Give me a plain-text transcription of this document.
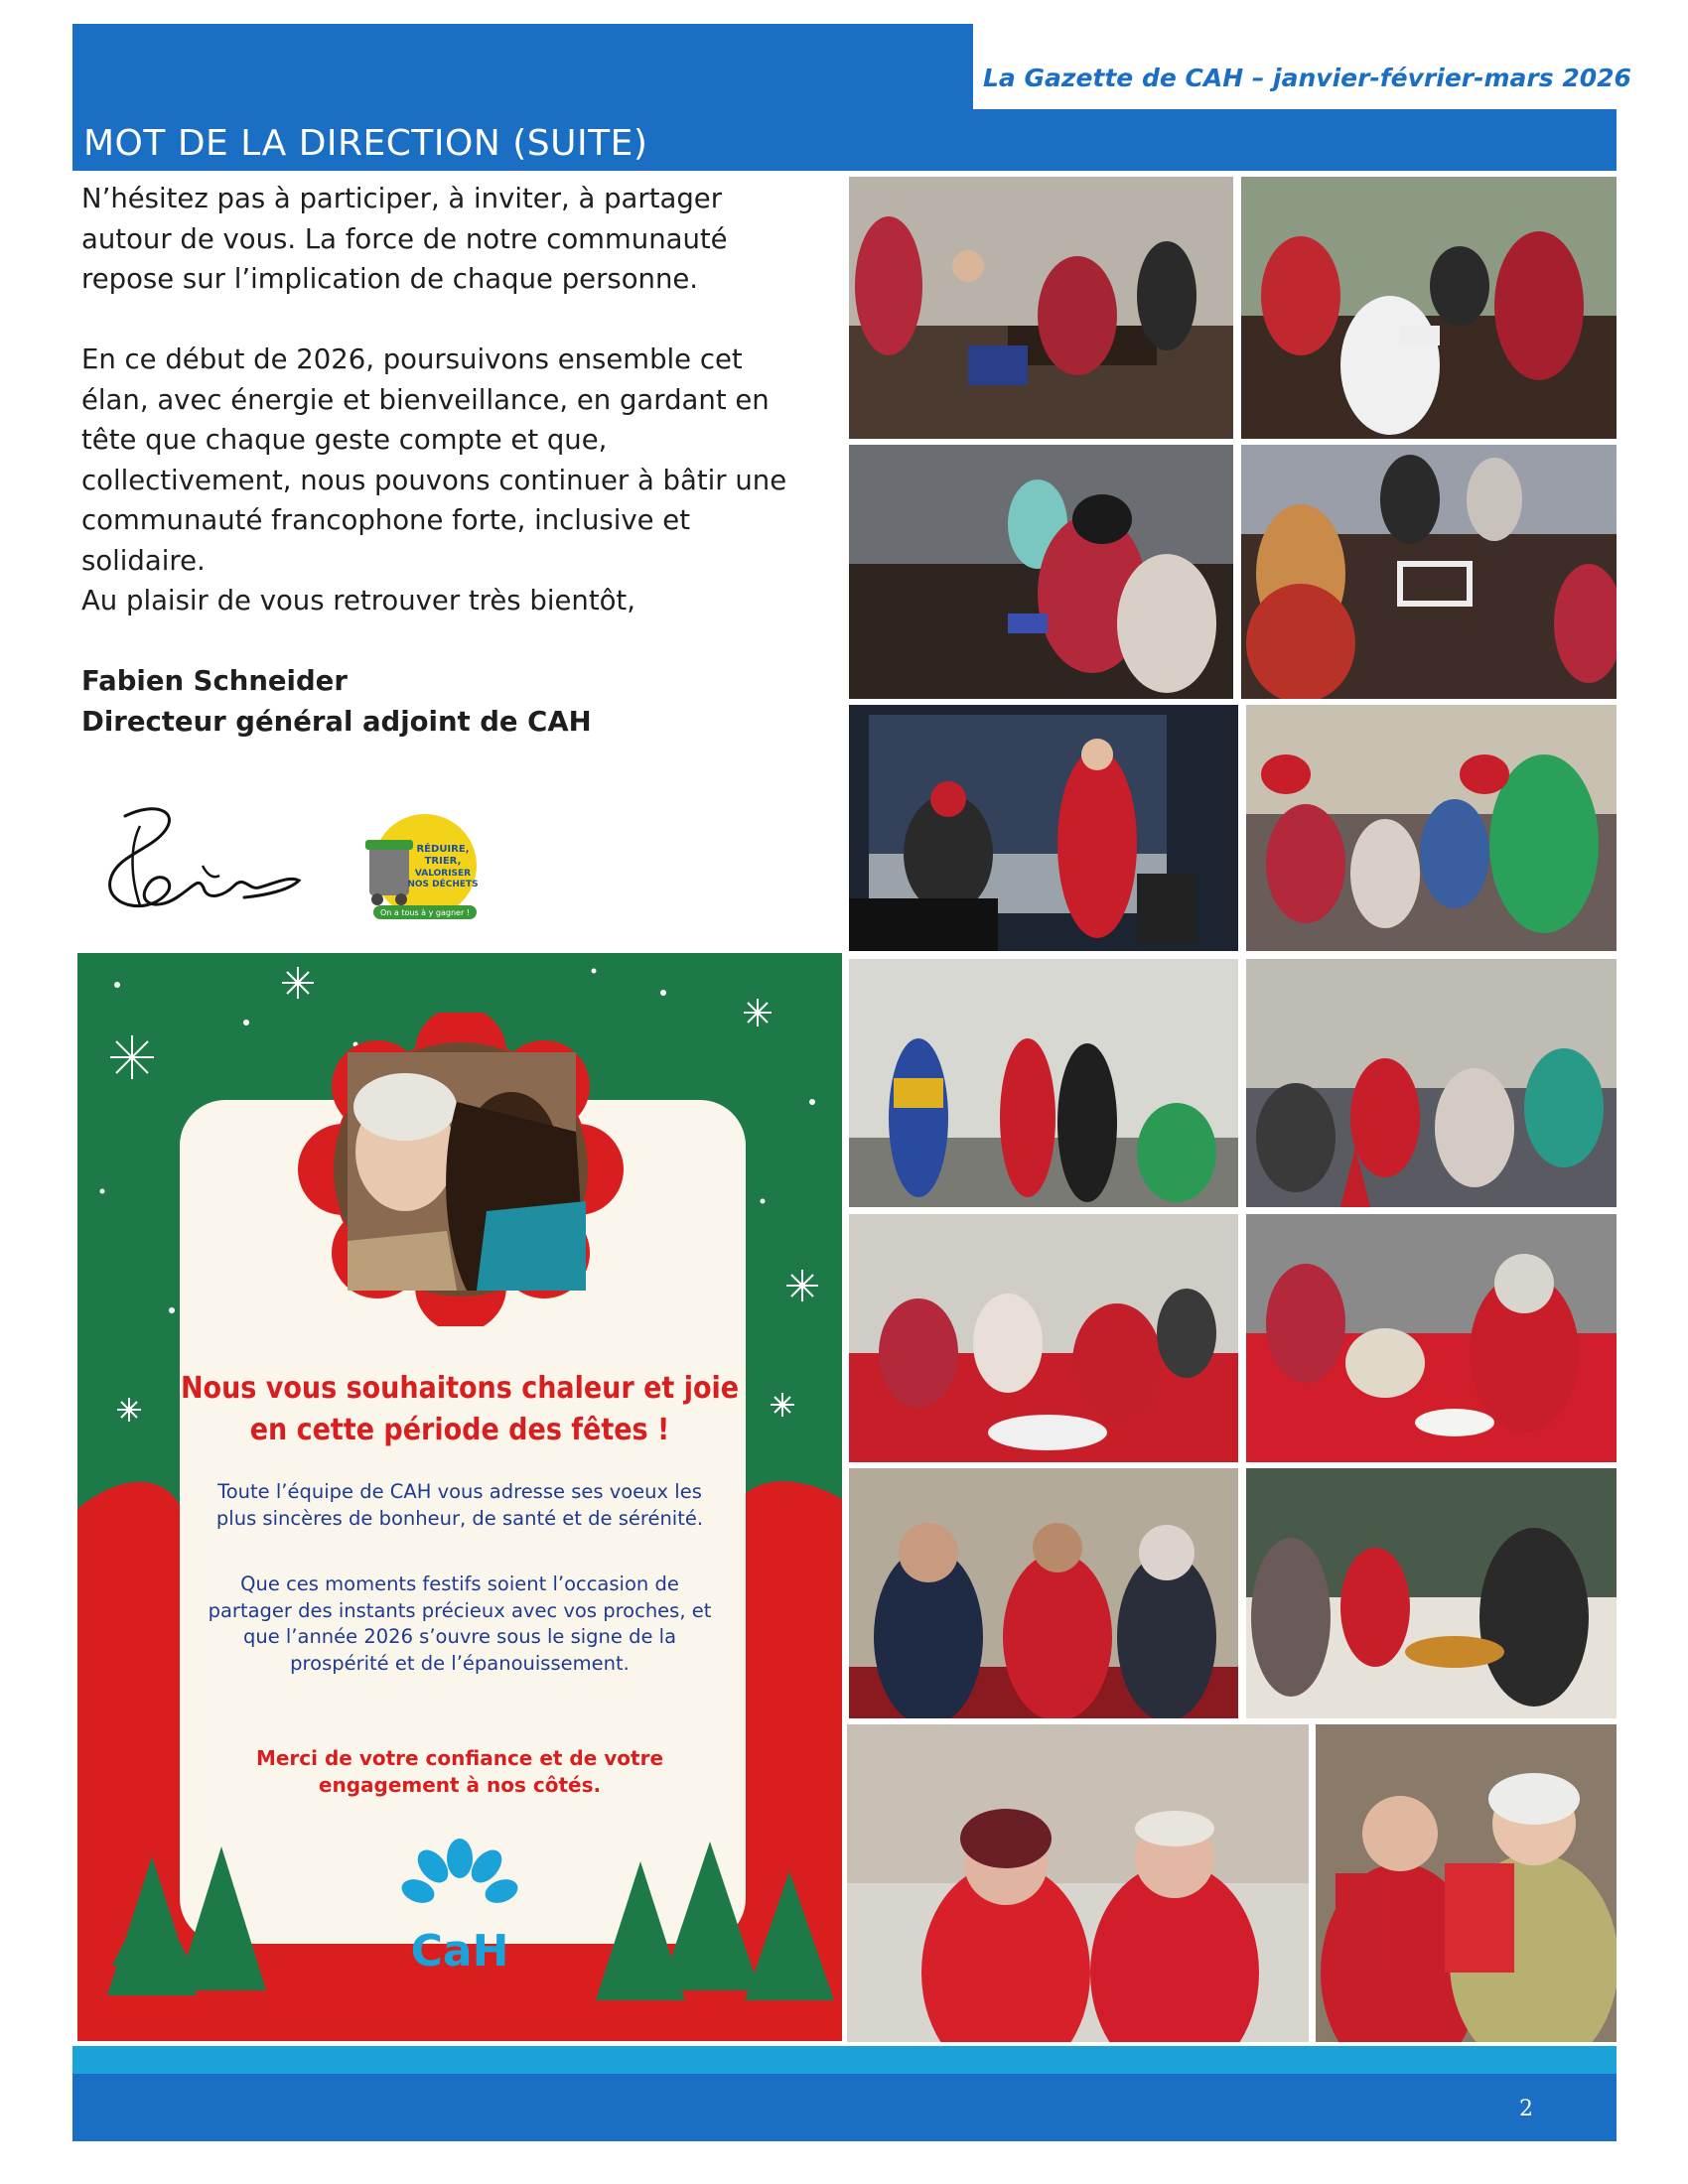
La Gazette de CAH – janvier-février-mars 2026
MOT DE LA DIRECTION (SUITE)
N’hésitez pas à participer, à inviter, à partager autour de vous. La force de notre communauté repose sur l’implication de chaque personne.
En ce début de 2026, poursuivons ensemble cet élan, avec énergie et bienveillance, en gardant en tête que chaque geste compte et que, collectivement, nous pouvons continuer à bâtir une communauté francophone forte, inclusive et solidaire.
Au plaisir de vous retrouver très bientôt,
Fabien Schneider
Directeur général adjoint de CAH
RÉDUIRE,
TRIER,
VALORISER
NOS DÉCHETS
On a tous à y gagner !
Nous vous souhaitons chaleur et joie en cette période des fêtes !
Toute l’équipe de CAH vous adresse ses voeux les plus sincères de bonheur, de santé et de sérénité.
Que ces moments festifs soient l’occasion de partager des instants précieux avec vos proches, et que l’année 2026 s’ouvre sous le signe de la prospérité et de l’épanouissement.
Merci de votre confiance et de votre engagement à nos côtés.
CaH
2
